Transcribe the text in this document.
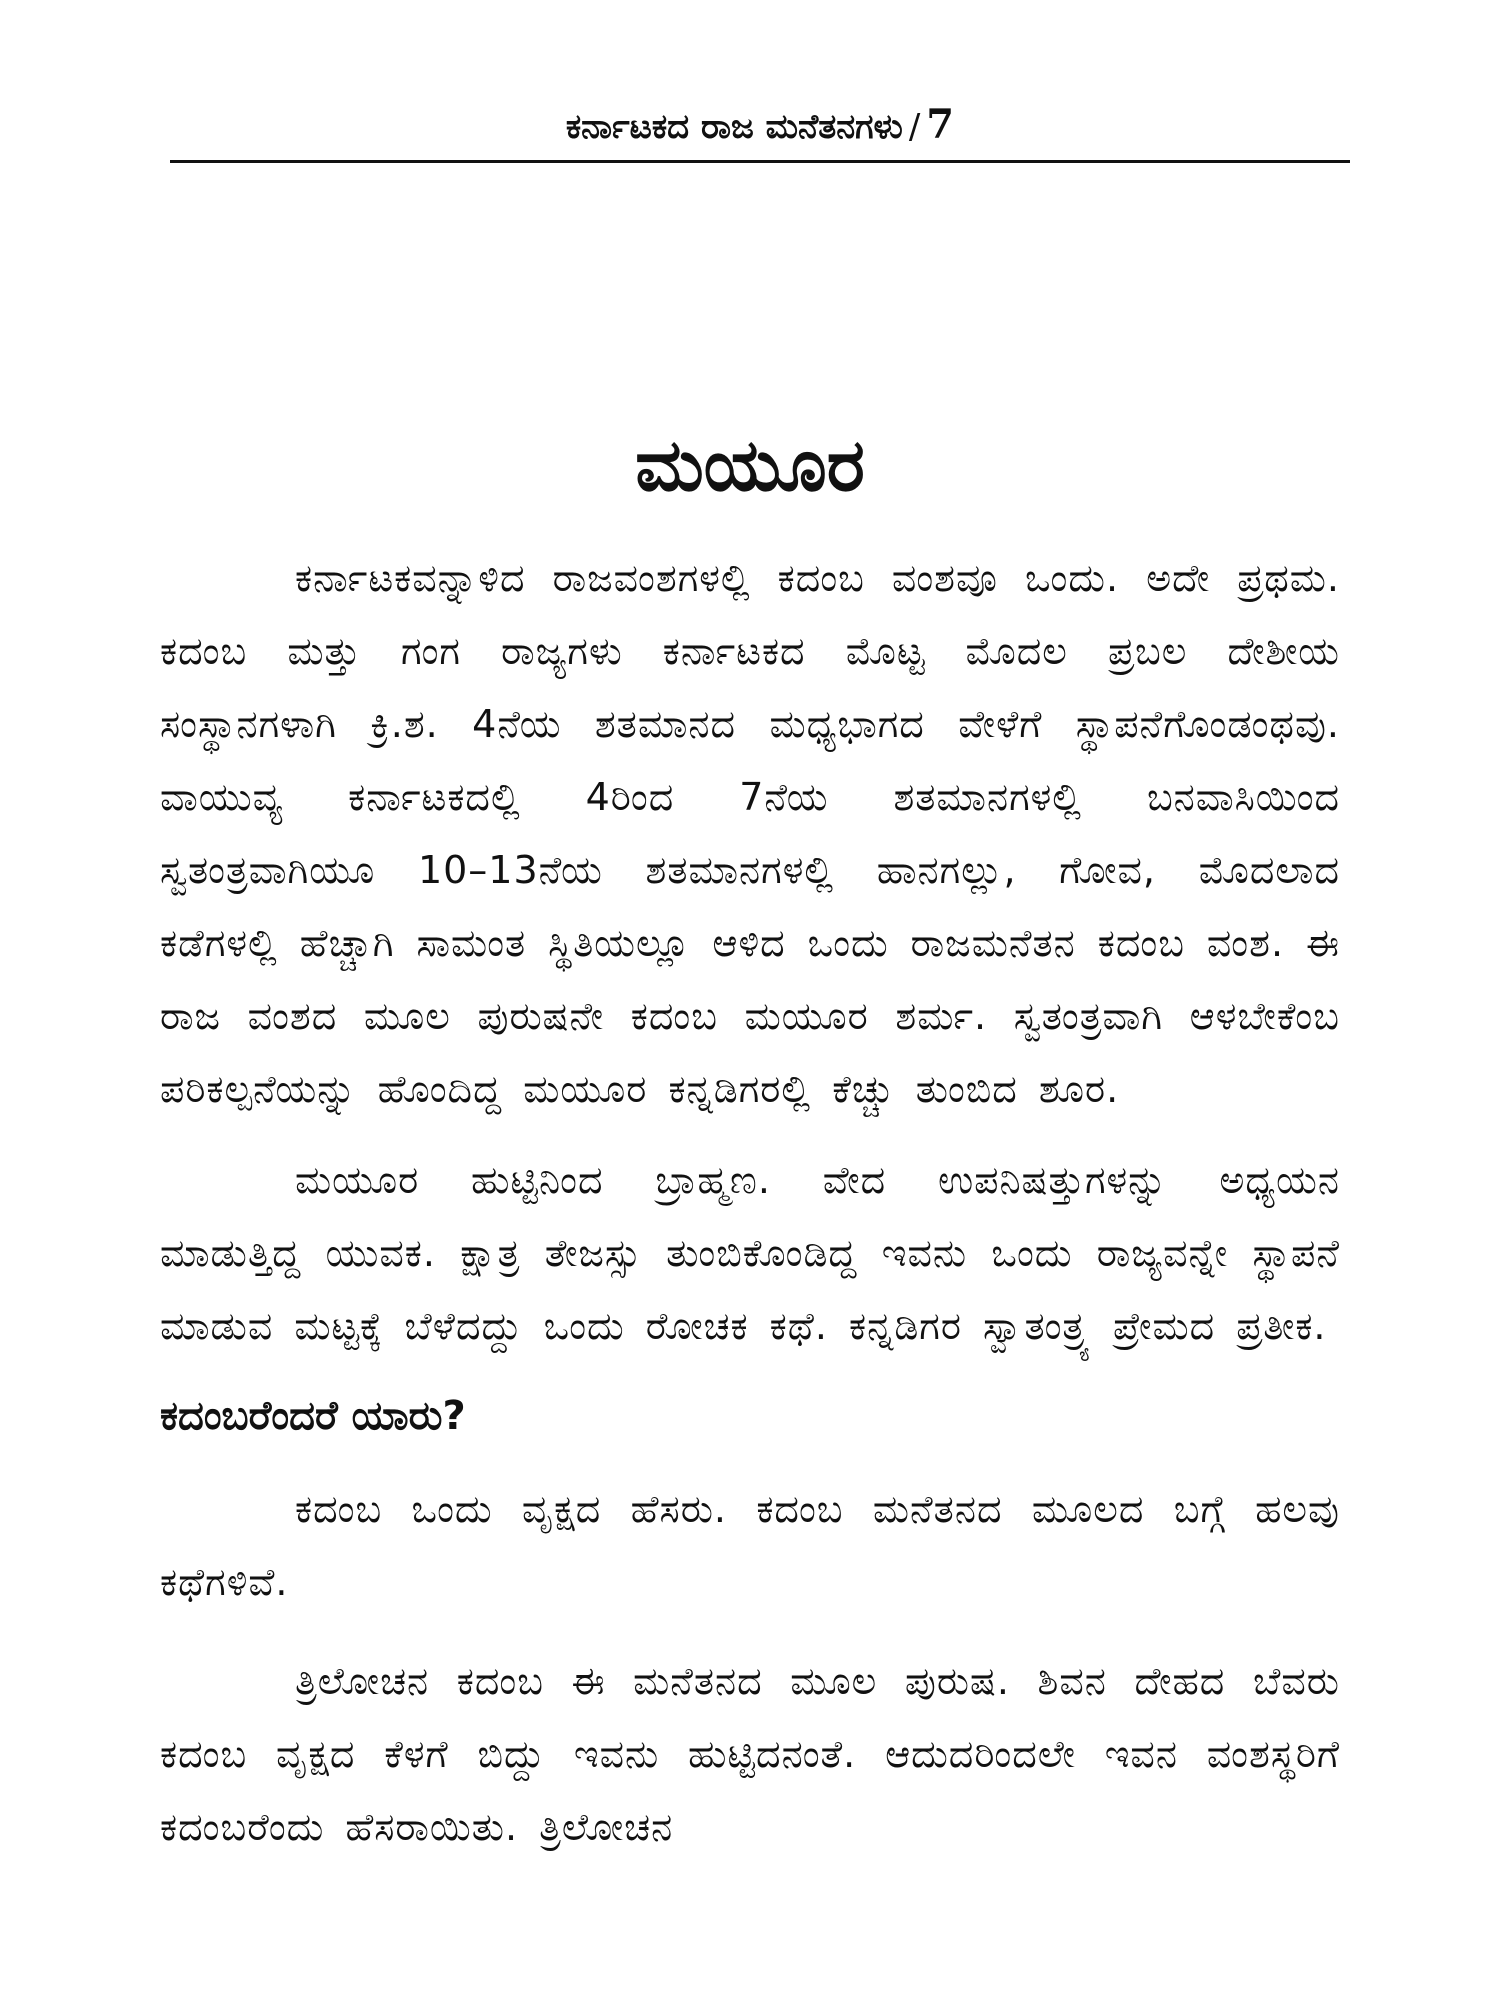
ಕರ್ನಾಟಕದ ರಾಜ ಮನೆತನಗಳು / 7
ಮಯೂರ

ಕರ್ನಾಟಕವನ್ನಾಳಿದ ರಾಜವಂಶಗಳಲ್ಲಿ ಕದಂಬ ವಂಶವೂ ಒಂದು. ಅದೇ ಪ್ರಥಮ. ಕದಂಬ ಮತ್ತು ಗಂಗ ರಾಜ್ಯಗಳು ಕರ್ನಾಟಕದ ಮೊಟ್ಟ ಮೊದಲ ಪ್ರಬಲ ದೇಶೀಯ ಸಂಸ್ಥಾನಗಳಾಗಿ ಕ್ರಿ.ಶ. 4ನೆಯ ಶತಮಾನದ ಮಧ್ಯಭಾಗದ ವೇಳೆಗೆ ಸ್ಥಾಪನೆಗೊಂಡಂಥವು. ವಾಯುವ್ಯ ಕರ್ನಾಟಕದಲ್ಲಿ 4ರಿಂದ 7ನೆಯ ಶತಮಾನಗಳಲ್ಲಿ ಬನವಾಸಿಯಿಂದ ಸ್ವತಂತ್ರವಾಗಿಯೂ 10–13ನೆಯ ಶತಮಾನಗಳಲ್ಲಿ ಹಾನಗಲ್ಲು, ಗೋವ, ಮೊದಲಾದ ಕಡೆಗಳಲ್ಲಿ ಹೆಚ್ಚಾಗಿ ಸಾಮಂತ ಸ್ಥಿತಿಯಲ್ಲೂ ಆಳಿದ ಒಂದು ರಾಜಮನೆತನ ಕದಂಬ ವಂಶ. ಈ ರಾಜ ವಂಶದ ಮೂಲ ಪುರುಷನೇ ಕದಂಬ ಮಯೂರ ಶರ್ಮ. ಸ್ವತಂತ್ರವಾಗಿ ಆಳಬೇಕೆಂಬ ಪರಿಕಲ್ಪನೆಯನ್ನು ಹೊಂದಿದ್ದ ಮಯೂರ ಕನ್ನಡಿಗರಲ್ಲಿ ಕೆಚ್ಚು ತುಂಬಿದ ಶೂರ.

ಮಯೂರ ಹುಟ್ಟಿನಿಂದ ಬ್ರಾಹ್ಮಣ. ವೇದ ಉಪನಿಷತ್ತುಗಳನ್ನು ಅಧ್ಯಯನ ಮಾಡುತ್ತಿದ್ದ ಯುವಕ. ಕ್ಷಾತ್ರ ತೇಜಸ್ಸು ತುಂಬಿಕೊಂಡಿದ್ದ ಇವನು ಒಂದು ರಾಜ್ಯವನ್ನೇ ಸ್ಥಾಪನೆ ಮಾಡುವ ಮಟ್ಟಕ್ಕೆ ಬೆಳೆದದ್ದು ಒಂದು ರೋಚಕ ಕಥೆ. ಕನ್ನಡಿಗರ ಸ್ವಾತಂತ್ರ್ಯ ಪ್ರೇಮದ ಪ್ರತೀಕ.

ಕದಂಬರೆಂದರೆ ಯಾರು?

ಕದಂಬ ಒಂದು ವೃಕ್ಷದ ಹೆಸರು. ಕದಂಬ ಮನೆತನದ ಮೂಲದ ಬಗ್ಗೆ ಹಲವು ಕಥೆಗಳಿವೆ.

ತ್ರಿಲೋಚನ ಕದಂಬ ಈ ಮನೆತನದ ಮೂಲ ಪುರುಷ. ಶಿವನ ದೇಹದ ಬೆವರು ಕದಂಬ ವೃಕ್ಷದ ಕೆಳಗೆ ಬಿದ್ದು ಇವನು ಹುಟ್ಟಿದನಂತೆ. ಆದುದರಿಂದಲೇ ಇವನ ವಂಶಸ್ಥರಿಗೆ ಕದಂಬರೆಂದು ಹೆಸರಾಯಿತು. ತ್ರಿಲೋಚನ
